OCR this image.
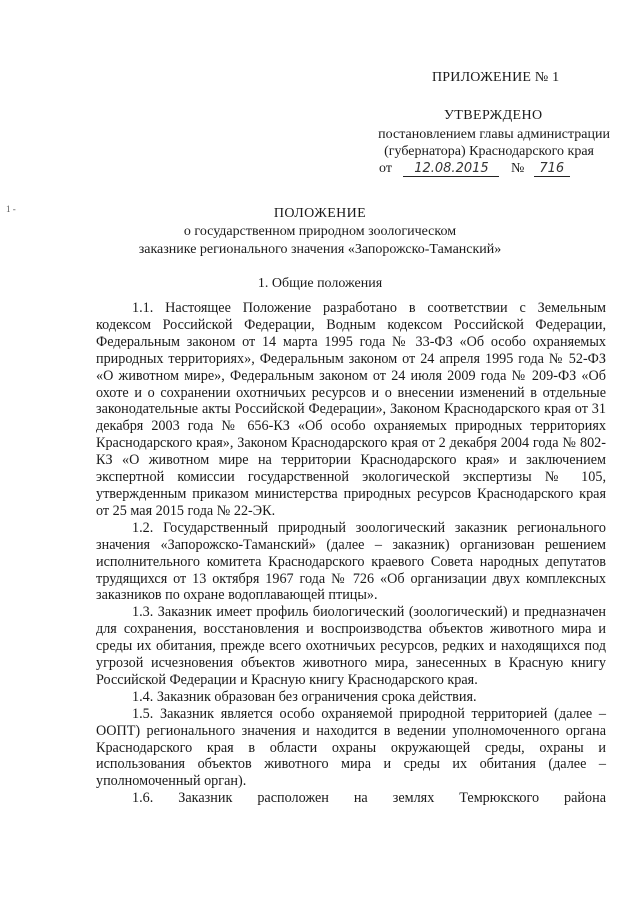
ПРИЛОЖЕНИЕ № 1
УТВЕРЖДЕНО
постановлением главы администрации
(губернатора) Краснодарского края
от 12.08.2015 № 716
1 -	ПОЛОЖЕНИЕ
о государственном природном зоологическом
заказнике регионального значения «Запорожско-Таманский»
1. Общие положения

1.1. Настоящее Положение разработано в соответствии с Земельным кодексом Российской Федерации, Водным кодексом Российской Федерации, Федеральным законом от 14 марта 1995 года № 33-ФЗ «Об особо охраняемых природных территориях», Федеральным законом от 24 апреля 1995 года № 52-ФЗ «О животном мире», Федеральным законом от 24 июля 2009 года № 209-ФЗ «Об охоте и о сохранении охотничьих ресурсов и о внесении изменений в отдельные законодательные акты Российской Федерации», Законом Краснодарского края от 31 декабря 2003 года № 656-КЗ «Об особо охраняемых природных территориях Краснодарского края», Законом Краснодарского края от 2 декабря 2004 года № 802-КЗ «О животном мире на территории Краснодарского края» и заключением экспертной комиссии государственной экологической экспертизы № 105, утвержденным приказом министерства природных ресурсов Краснодарского края от 25 мая 2015 года № 22-ЭК.

1.2. Государственный природный зоологический заказник регионального значения «Запорожско-Таманский» (далее – заказник) организован решением исполнительного комитета Краснодарского краевого Совета народных депутатов трудящихся от 13 октября 1967 года № 726 «Об организации двух комплексных заказников по охране водоплавающей птицы».

1.3. Заказник имеет профиль биологический (зоологический) и предназначен для сохранения, восстановления и воспроизводства объектов животного мира и среды их обитания, прежде всего охотничьих ресурсов, редких и находящихся под угрозой исчезновения объектов животного мира, занесенных в Красную книгу Российской Федерации и Красную книгу Краснодарского края.

1.4. Заказник образован без ограничения срока действия.

1.5. Заказник является особо охраняемой природной территорией (далее – ООПТ) регионального значения и находится в ведении уполномоченного органа Краснодарского края в области охраны окружающей среды, охраны и использования объектов животного мира и среды их обитания (далее – уполномоченный орган).

1.6. Заказник расположен на землях Темрюкского района
